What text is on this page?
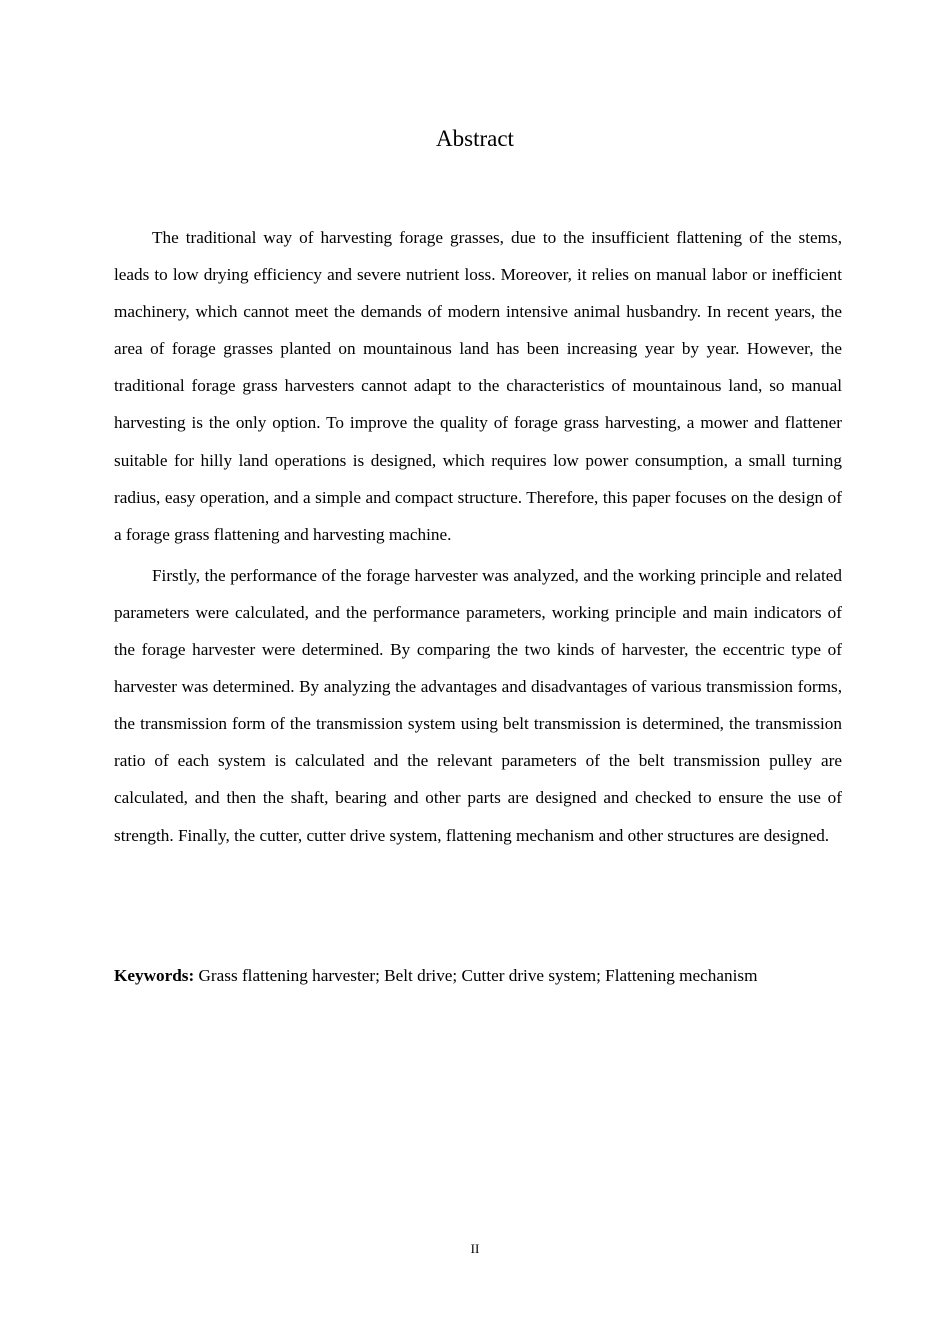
Abstract

The traditional way of harvesting forage grasses, due to the insufficient flattening of the stems, leads to low drying efficiency and severe nutrient loss. Moreover, it relies on manual labor or inefficient machinery, which cannot meet the demands of modern intensive animal husbandry. In recent years, the area of forage grasses planted on mountainous land has been increasing year by year. However, the traditional forage grass harvesters cannot adapt to the characteristics of mountainous land, so manual harvesting is the only option. To improve the quality of forage grass harvesting, a mower and flattener suitable for hilly land operations is designed, which requires low power consumption, a small turning radius, easy operation, and a simple and compact structure. Therefore, this paper focuses on the design of a forage grass flattening and harvesting machine.

Firstly, the performance of the forage harvester was analyzed, and the working principle and related parameters were calculated, and the performance parameters, working principle and main indicators of the forage harvester were determined. By comparing the two kinds of harvester, the eccentric type of harvester was determined. By analyzing the advantages and disadvantages of various transmission forms, the transmission form of the transmission system using belt transmission is determined, the transmission ratio of each system is calculated and the relevant parameters of the belt transmission pulley are calculated, and then the shaft, bearing and other parts are designed and checked to ensure the use of strength. Finally, the cutter, cutter drive system, flattening mechanism and other structures are designed.

Keywords: Grass flattening harvester; Belt drive; Cutter drive system; Flattening mechanism

II
